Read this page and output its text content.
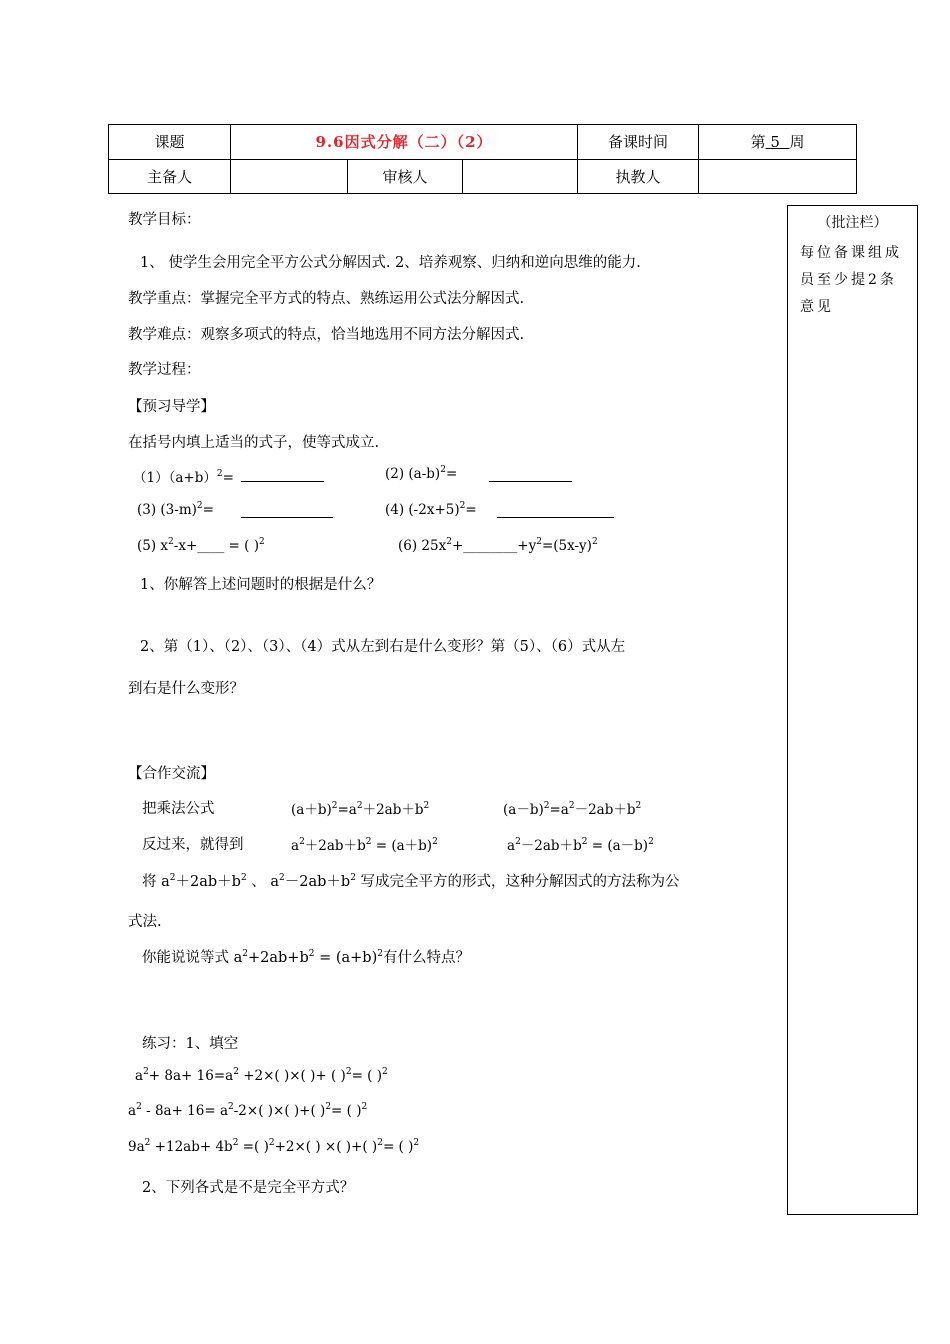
课题	9.6因式分解（二）（2）			备课时间	第 5 周
主备人		审核人		执教人	
（批注栏）
每位备课组成员至少提2条意见
教学目标：
1、 使学生会用完全平方公式分解因式. 2、培养观察、归纳和逆向思维的能力.
教学重点：掌握完全平方式的特点、熟练运用公式法分解因式.
教学难点：观察多项式的特点，恰当地选用不同方法分解因式.
教学过程：
【预习导学】
在括号内填上适当的式子，使等式成立.
$(1)(a+b)^2=$	(2) $(a-b)^2=$
(3) $(3-m)^2=$	(4) $(-2x+5)^2=$
(5) $x^2-x+\_\_\_\_$ = ( )$^2$	(6) $25x^2+\_\_\_\_\_\_\_\_+y^2=(5x-y)^2$
1、你解答上述问题时的根据是什么？
2、第（1）、（2）、（3）、（4）式从左到右是什么变形？第（5）、（6）式从左
到右是什么变形？
【合作交流】
把乘法公式	$(a+b)^2=a^2+2ab+b^2$	$(a-b)^2=a^2-2ab+b^2$
反过来，就得到	$a^2+2ab+b^2 = (a+b)^2$	$a^2-2ab+b^2 = (a-b)^2$
将 $a^2+2ab+b^2$ 、 $a^2-2ab+b^2$ 写成完全平方的形式，这种分解因式的方法称为公
式法.
你能说说等式 $a^2+2ab+b^2 = (a+b)^2$有什么特点？
练习：1、填空
$a^2+ 8a+ 16=a^2 +2\times$( )×( )+ ( )$^2$= ( )$^2$
$a^2 - 8a+ 16= a^2-2\times$( )×( )+( )$^2$= ( )$^2$
$9a^2 +12ab+ 4b^2$ =( )$^2$+2×( ) ×( )+( )$^2$= ( )$^2$
2、下列各式是不是完全平方式？
